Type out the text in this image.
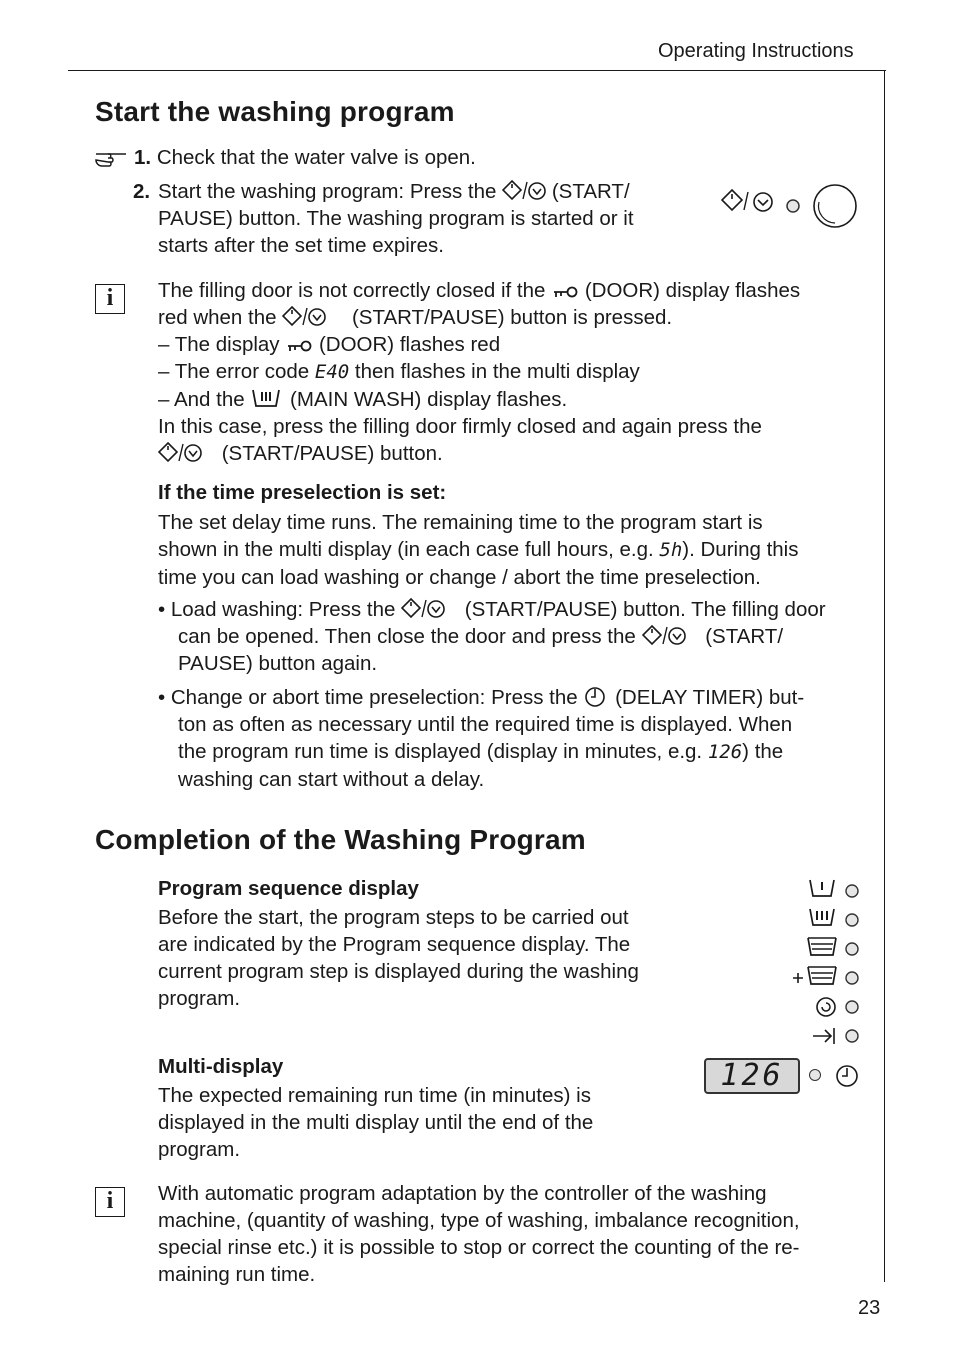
Operating Instructions
Start the washing program
1. Check that the water valve is open.
2. Start the washing program: Press the	(START/
PAUSE) button. The washing program is started or it
starts after the set time expires.
i	The filling door is not correctly closed if the (DOOR) display flashes
red when the	(START/PAUSE) button is pressed.
– The display (DOOR) flashes red
– The error code E40 then flashes in the multi display
– And the (MAIN WASH) display flashes.
In this case, press the filling door firmly closed and again press the
(START/PAUSE) button.
If the time preselection is set:
The set delay time runs. The remaining time to the program start is
shown in the multi display (in each case full hours, e.g. 5h). During this
time you can load washing or change / abort the time preselection.
• Load washing: Press the	(START/PAUSE) button. The filling door
can be opened. Then close the door and press the	(START/
PAUSE) button again.
• Change or abort time preselection: Press the (DELAY TIMER) but-
ton as often as necessary until the required time is displayed. When
the program run time is displayed (display in minutes, e.g. 126) the
washing can start without a delay.
Completion of the Washing Program
Program sequence display
Before the start, the program steps to be carried out
are indicated by the Program sequence display. The
current program step is displayed during the washing
program.
Multi-display
The expected remaining run time (in minutes) is
displayed in the multi display until the end of the
program.
126
i	With automatic program adaptation by the controller of the washing
machine, (quantity of washing, type of washing, imbalance recognition,
special rinse etc.) it is possible to stop or correct the counting of the re-
maining run time.
23
